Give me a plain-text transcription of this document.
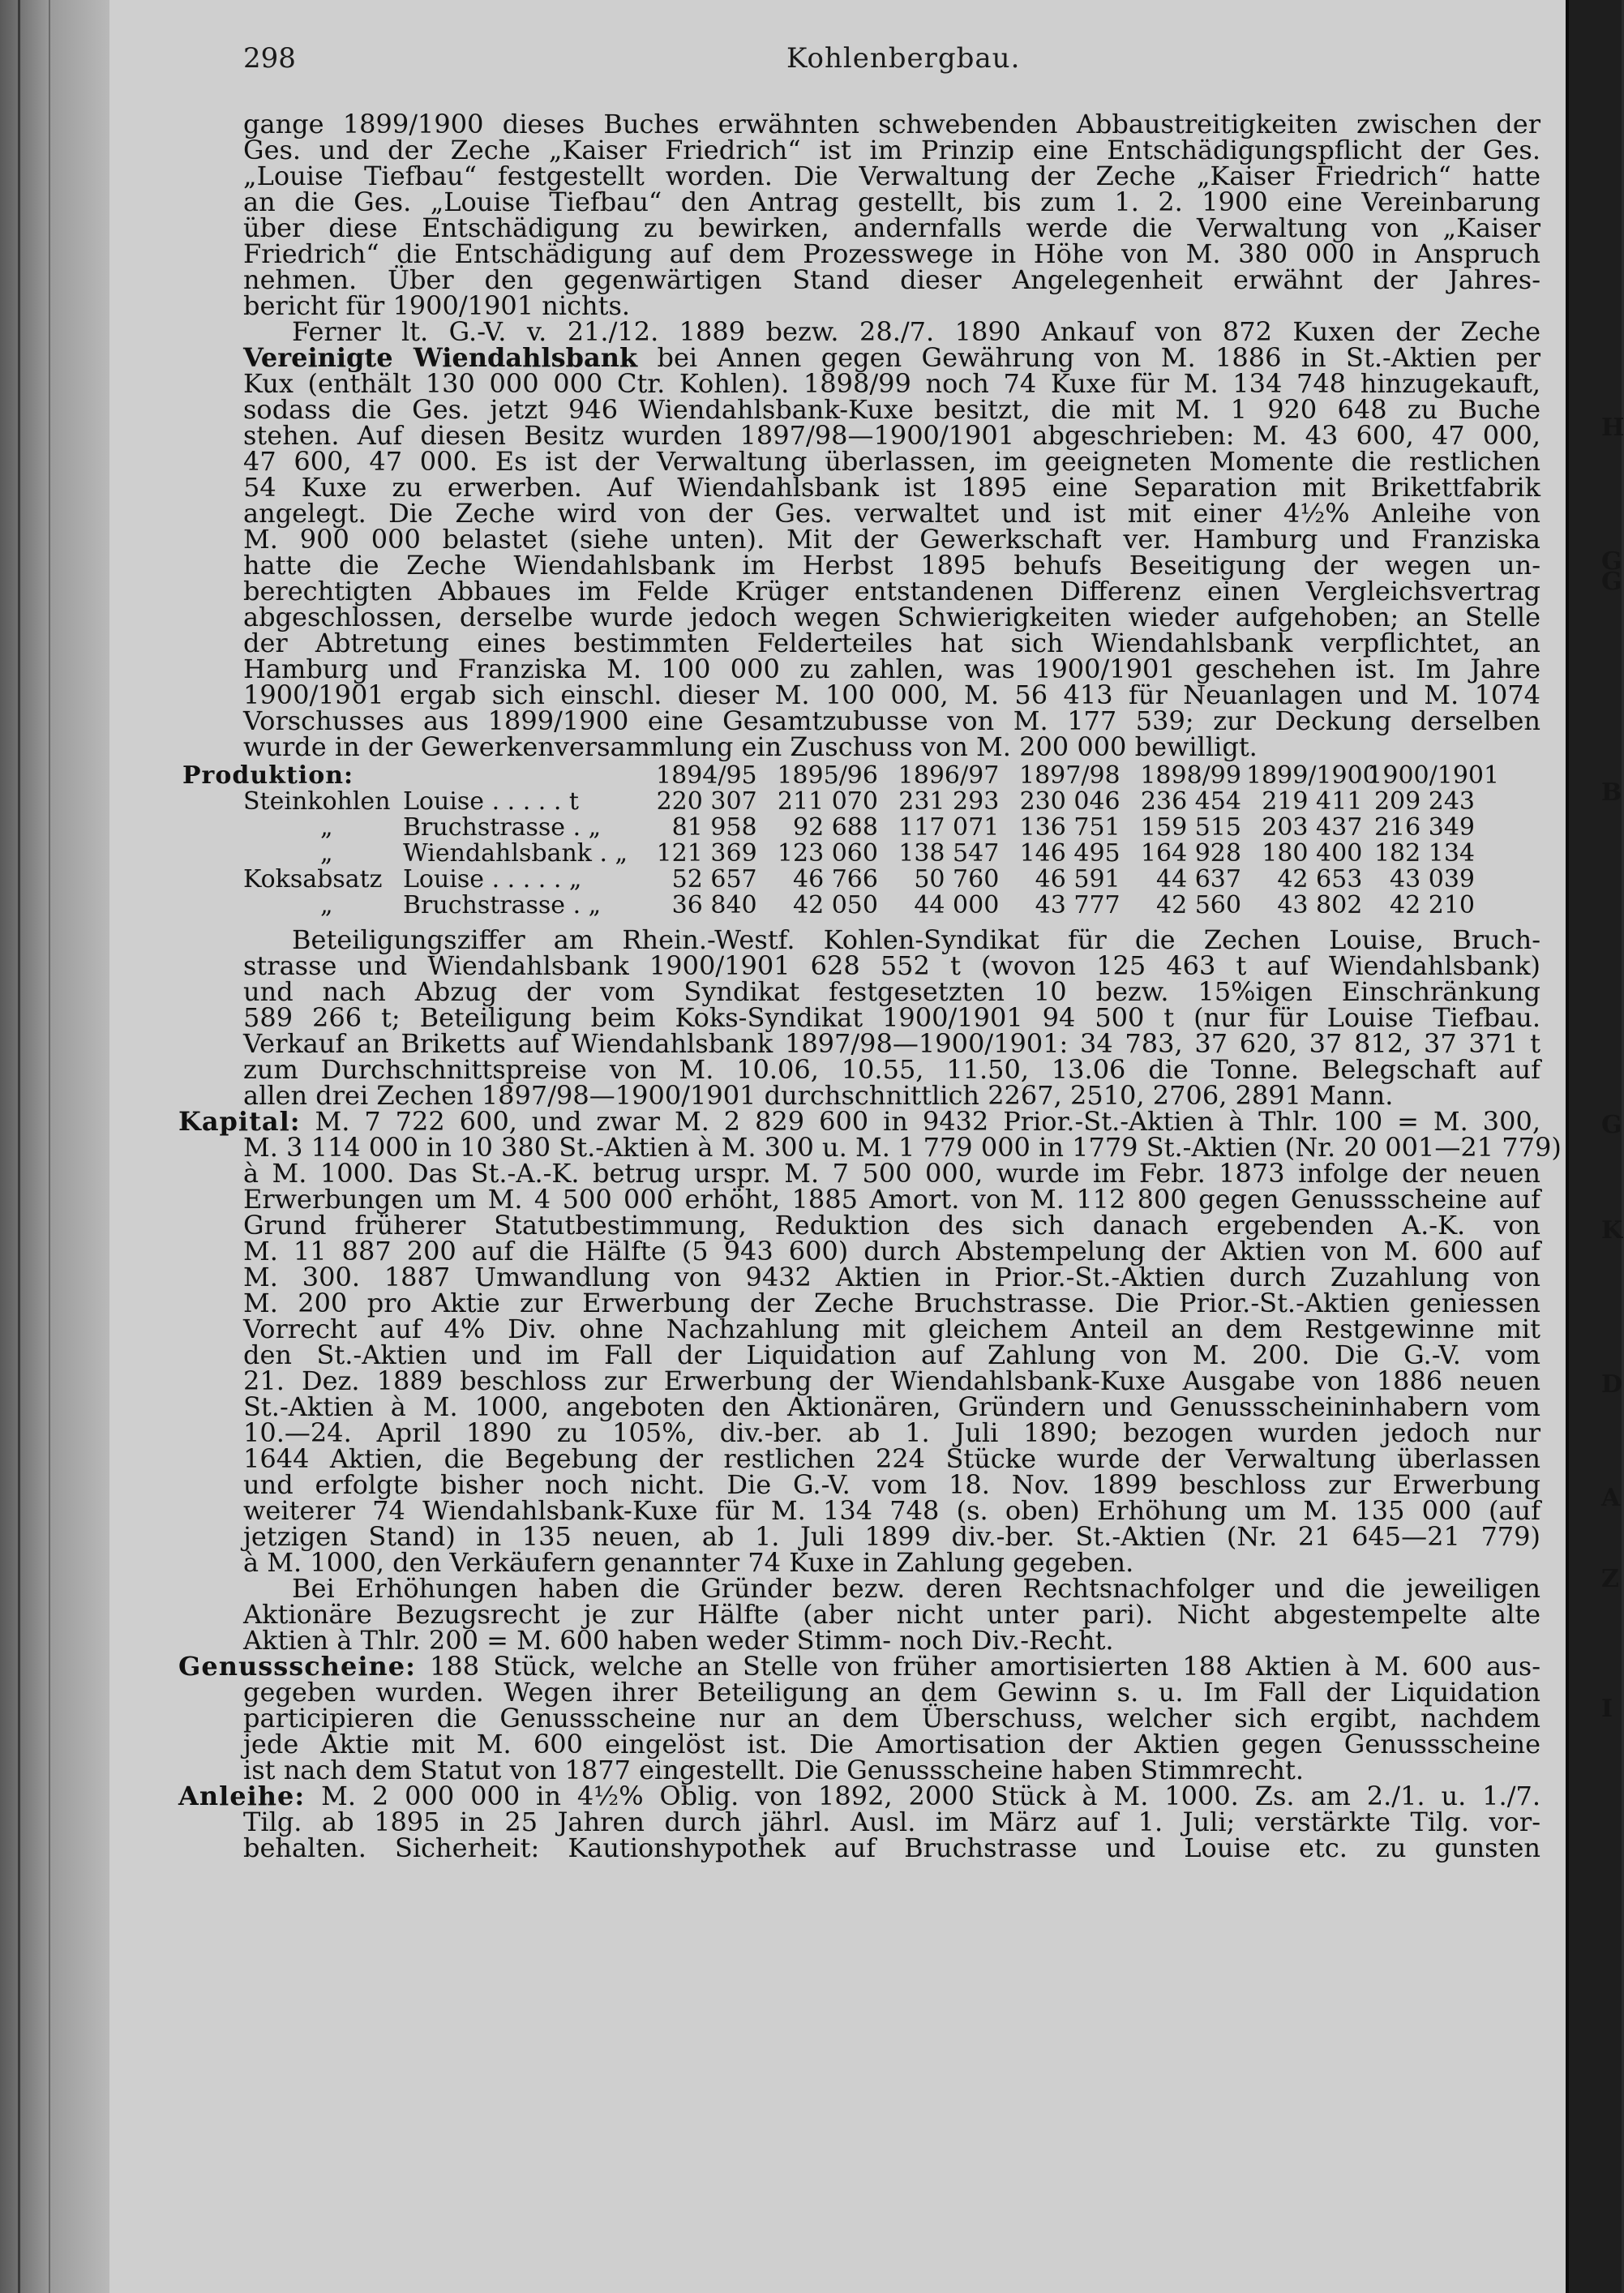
298	Kohlenbergbau.
gange 1899/1900 dieses Buches erwähnten schwebenden Abbaustreitigkeiten zwischen der
Ges. und der Zeche „Kaiser Friedrich“ ist im Prinzip eine Entschädigungspflicht der Ges.
„Louise Tiefbau“ festgestellt worden. Die Verwaltung der Zeche „Kaiser Friedrich“ hatte
an die Ges. „Louise Tiefbau“ den Antrag gestellt, bis zum 1. 2. 1900 eine Vereinbarung
über diese Entschädigung zu bewirken, andernfalls werde die Verwaltung von „Kaiser
Friedrich“ die Entschädigung auf dem Prozesswege in Höhe von M. 380 000 in Anspruch
nehmen. Über den gegenwärtigen Stand dieser Angelegenheit erwähnt der Jahres-
bericht für 1900/1901 nichts.
Ferner lt. G.-V. v. 21./12. 1889 bezw. 28./7. 1890 Ankauf von 872 Kuxen der Zeche
Vereinigte Wiendahlsbank bei Annen gegen Gewährung von M. 1886 in St.-Aktien per
Kux (enthält 130 000 000 Ctr. Kohlen). 1898/99 noch 74 Kuxe für M. 134 748 hinzugekauft,
sodass die Ges. jetzt 946 Wiendahlsbank-Kuxe besitzt, die mit M. 1 920 648 zu Buche
stehen. Auf diesen Besitz wurden 1897/98—1900/1901 abgeschrieben: M. 43 600, 47 000,
47 600, 47 000. Es ist der Verwaltung überlassen, im geeigneten Momente die restlichen
54 Kuxe zu erwerben. Auf Wiendahlsbank ist 1895 eine Separation mit Brikettfabrik
angelegt. Die Zeche wird von der Ges. verwaltet und ist mit einer 4½% Anleihe von
M. 900 000 belastet (siehe unten). Mit der Gewerkschaft ver. Hamburg und Franziska
hatte die Zeche Wiendahlsbank im Herbst 1895 behufs Beseitigung der wegen un-
berechtigten Abbaues im Felde Krüger entstandenen Differenz einen Vergleichsvertrag
abgeschlossen, derselbe wurde jedoch wegen Schwierigkeiten wieder aufgehoben; an Stelle
der Abtretung eines bestimmten Felderteiles hat sich Wiendahlsbank verpflichtet, an
Hamburg und Franziska M. 100 000 zu zahlen, was 1900/1901 geschehen ist. Im Jahre
1900/1901 ergab sich einschl. dieser M. 100 000, M. 56 413 für Neuanlagen und M. 1074
Vorschusses aus 1899/1900 eine Gesamtzubusse von M. 177 539; zur Deckung derselben
wurde in der Gewerkenversammlung ein Zuschuss von M. 200 000 bewilligt.
Produktion:		1894/95	1895/96	1896/97	1897/98	1898/99	1899/1900	1900/1901
Steinkohlen	Louise . . . . . t	220 307	211 070	231 293	230 046	236 454	219 411	209 243
„	Bruchstrasse . „	81 958	92 688	117 071	136 751	159 515	203 437	216 349
„	Wiendahlsbank . „	121 369	123 060	138 547	146 495	164 928	180 400	182 134
Koksabsatz	Louise . . . . . „	52 657	46 766	50 760	46 591	44 637	42 653	43 039
„	Bruchstrasse . „	36 840	42 050	44 000	43 777	42 560	43 802	42 210
Beteiligungsziffer am Rhein.-Westf. Kohlen-Syndikat für die Zechen Louise, Bruch-
strasse und Wiendahlsbank 1900/1901 628 552 t (wovon 125 463 t auf Wiendahlsbank)
und nach Abzug der vom Syndikat festgesetzten 10 bezw. 15%igen Einschränkung
589 266 t; Beteiligung beim Koks-Syndikat 1900/1901 94 500 t (nur für Louise Tiefbau.
Verkauf an Briketts auf Wiendahlsbank 1897/98—1900/1901: 34 783, 37 620, 37 812, 37 371 t
zum Durchschnittspreise von M. 10.06, 10.55, 11.50, 13.06 die Tonne. Belegschaft auf
allen drei Zechen 1897/98—1900/1901 durchschnittlich 2267, 2510, 2706, 2891 Mann.
Kapital: M. 7 722 600, und zwar M. 2 829 600 in 9432 Prior.-St.-Aktien à Thlr. 100 = M. 300,
M. 3 114 000 in 10 380 St.-Aktien à M. 300 u. M. 1 779 000 in 1779 St.-Aktien (Nr. 20 001—21 779)
à M. 1000. Das St.-A.-K. betrug urspr. M. 7 500 000, wurde im Febr. 1873 infolge der neuen
Erwerbungen um M. 4 500 000 erhöht, 1885 Amort. von M. 112 800 gegen Genussscheine auf
Grund früherer Statutbestimmung, Reduktion des sich danach ergebenden A.-K. von
M. 11 887 200 auf die Hälfte (5 943 600) durch Abstempelung der Aktien von M. 600 auf
M. 300. 1887 Umwandlung von 9432 Aktien in Prior.-St.-Aktien durch Zuzahlung von
M. 200 pro Aktie zur Erwerbung der Zeche Bruchstrasse. Die Prior.-St.-Aktien geniessen
Vorrecht auf 4% Div. ohne Nachzahlung mit gleichem Anteil an dem Restgewinne mit
den St.-Aktien und im Fall der Liquidation auf Zahlung von M. 200. Die G.-V. vom
21. Dez. 1889 beschloss zur Erwerbung der Wiendahlsbank-Kuxe Ausgabe von 1886 neuen
St.-Aktien à M. 1000, angeboten den Aktionären, Gründern und Genussscheininhabern vom
10.—24. April 1890 zu 105%, div.-ber. ab 1. Juli 1890; bezogen wurden jedoch nur
1644 Aktien, die Begebung der restlichen 224 Stücke wurde der Verwaltung überlassen
und erfolgte bisher noch nicht. Die G.-V. vom 18. Nov. 1899 beschloss zur Erwerbung
weiterer 74 Wiendahlsbank-Kuxe für M. 134 748 (s. oben) Erhöhung um M. 135 000 (auf
jetzigen Stand) in 135 neuen, ab 1. Juli 1899 div.-ber. St.-Aktien (Nr. 21 645—21 779)
à M. 1000, den Verkäufern genannter 74 Kuxe in Zahlung gegeben.
Bei Erhöhungen haben die Gründer bezw. deren Rechtsnachfolger und die jeweiligen
Aktionäre Bezugsrecht je zur Hälfte (aber nicht unter pari). Nicht abgestempelte alte
Aktien à Thlr. 200 = M. 600 haben weder Stimm- noch Div.-Recht.
Genussscheine: 188 Stück, welche an Stelle von früher amortisierten 188 Aktien à M. 600 aus-
gegeben wurden. Wegen ihrer Beteiligung an dem Gewinn s. u. Im Fall der Liquidation
participieren die Genussscheine nur an dem Überschuss, welcher sich ergibt, nachdem
jede Aktie mit M. 600 eingelöst ist. Die Amortisation der Aktien gegen Genussscheine
ist nach dem Statut von 1877 eingestellt. Die Genussscheine haben Stimmrecht.
Anleihe: M. 2 000 000 in 4½% Oblig. von 1892, 2000 Stück à M. 1000. Zs. am 2./1. u. 1./7.
Tilg. ab 1895 in 25 Jahren durch jährl. Ausl. im März auf 1. Juli; verstärkte Tilg. vor-
behalten. Sicherheit: Kautionshypothek auf Bruchstrasse und Louise etc. zu gunsten
H
G
G
B
G
K
D
A
Z
I
